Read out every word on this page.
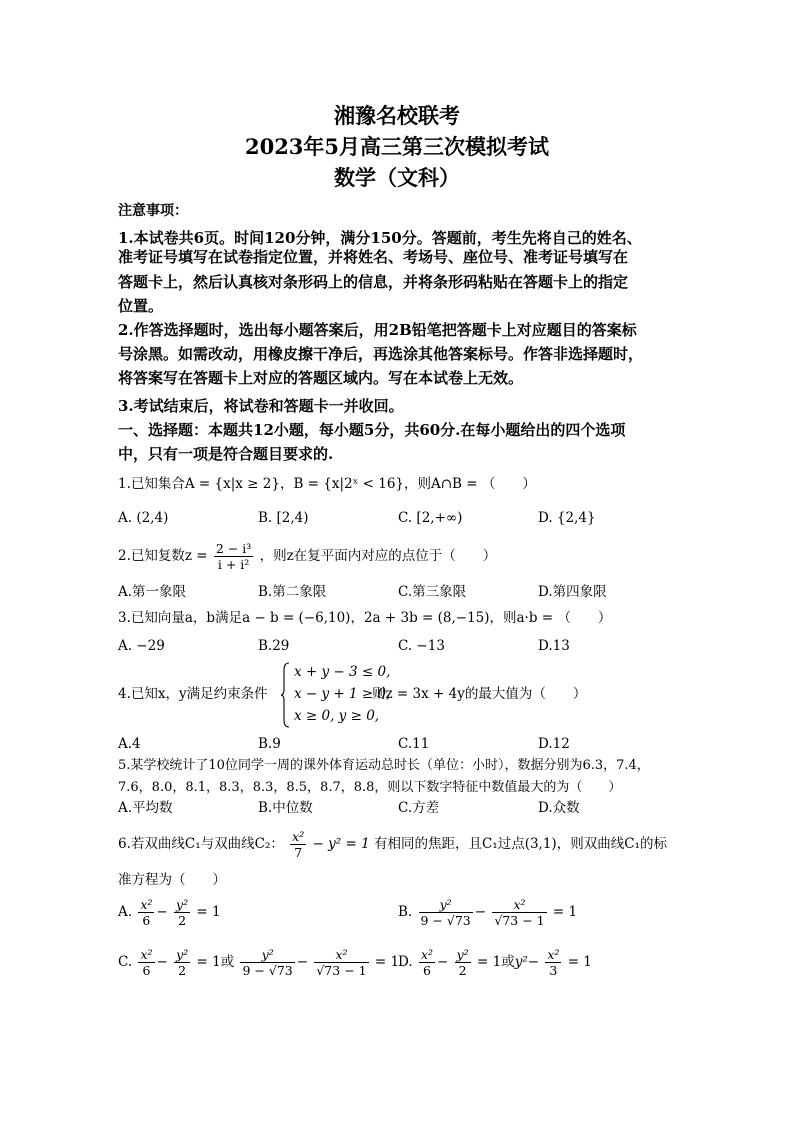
湘豫名校联考
2023年5月高三第三次模拟考试
数学（文科）
注意事项：
1.本试卷共6页。时间120分钟，满分150分。答题前，考生先将自己的姓名、
准考证号填写在试卷指定位置，并将姓名、考场号、座位号、准考证号填写在
答题卡上，然后认真核对条形码上的信息，并将条形码粘贴在答题卡上的指定
位置。
2.作答选择题时，选出每小题答案后，用2B铅笔把答题卡上对应题目的答案标
号涂黑。如需改动，用橡皮擦干净后，再选涂其他答案标号。作答非选择题时，
将答案写在答题卡上对应的答题区域内。写在本试卷上无效。
3.考试结束后，将试卷和答题卡一并收回。
一、选择题：本题共12小题，每小题5分，共60分.在每小题给出的四个选项
中，只有一项是符合题目要求的.
1.已知集合A = {x|x ≥ 2}，B = {x|2ˣ < 16}，则A∩B = （　　）
A. (2,4)	B. [2,4)	C. [2,+∞)	D. {2,4}
2.已知复数$z = \frac{\text{2 − i³}}{\text{i + i²}}$ ，则z在复平面内对应的点位于（　　）
A.第一象限	B.第二象限	C.第三象限	D.第四象限
3.已知向量a，b满足a − b = (−6,10)，2a + 3b = (8,−15)，则a·b = （　　）
A. −29	B.29	C. −13	D.13
4.已知x，y满足约束条件
x + y − 3 ≤ 0,
x − y + 1 ≥ 0,
x ≥ 0, y ≥ 0,
则z = 3x + 4y的最大值为（　　）
A.4	B.9	C.11	D.12
5.某学校统计了10位同学一周的课外体育运动总时长（单位：小时），数据分别为6.3，7.4，
7.6，8.0，8.1，8.3，8.3，8.5，8.7，8.8，则以下数字特征中数值最大的为（　　）
A.平均数	B.中位数	C.方差	D.众数
6.若双曲线C₁与双曲线C₂： $\frac{\text{x²}}{7} - y^2 = 1$ 有相同的焦距，且C₁过点(3,1)，则双曲线C₁的标
准方程为（　　）
A. $\frac{\text{x²}}{6} - \frac{\text{y²}}{2} = 1$	B. $\frac{\text{y²}}{9 - √73} - \frac{\text{x²}}{√73 - 1} = 1$
C. $\frac{\text{x²}}{6} - \frac{\text{y²}}{2} = 1$或 $\frac{\text{y²}}{9 - √73} - \frac{\text{x²}}{√73 - 1} = 1$
D. $\frac{\text{x²}}{6} - \frac{\text{y²}}{2} = 1$或$y^2- \frac{\text{x²}}{3} = 1$
